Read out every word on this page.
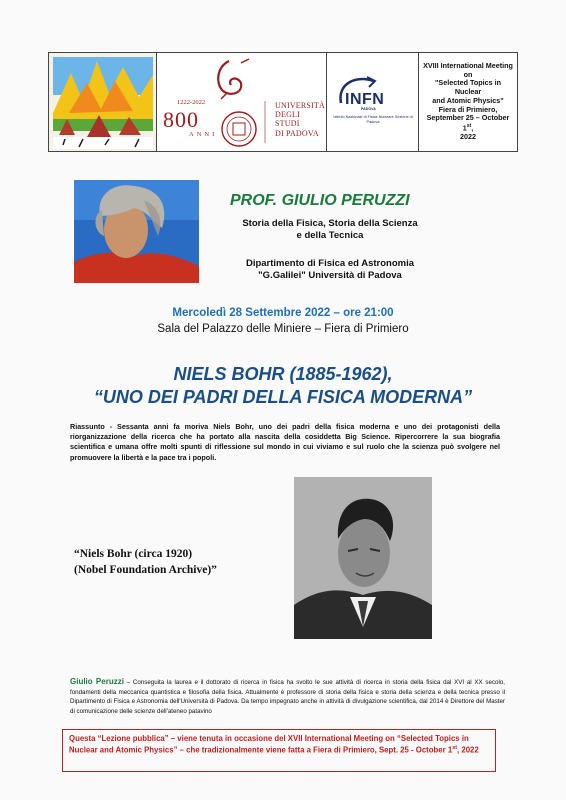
1222-2022
800
ANNI
UNIVERSITÀ
DEGLI STUDI
DI PADOVA
INFN
PADOVA
Istituto Nazionale di Fisica Nucleare Sezione di Padova
XVIII International Meeting on
"Selected Topics in Nuclear
and Atomic Physics"
Fiera di Primiero,
September 25 – October 1st,
2022
PROF. GIULIO PERUZZI
Storia della Fisica, Storia della Scienza
e della Tecnica
Dipartimento di Fisica ed Astronomia
"G.Galilei" Università di Padova
Mercoledì 28 Settembre 2022 – ore 21:00
Sala del Palazzo delle Miniere – Fiera di Primiero
NIELS BOHR (1885-1962),
“UNO DEI PADRI DELLA FISICA MODERNA”
Riassunto - Sessanta anni fa moriva Niels Bohr, uno dei padri della fisica moderna e uno dei protagonisti della riorganizzazione della ricerca che ha portato alla nascita della cosiddetta Big Science. Ripercorrere la sua biografia scientifica e umana offre molti spunti di riflessione sul mondo in cui viviamo e sul ruolo che la scienza può svolgere nel promuovere la libertà e la pace tra i popoli.
“Niels Bohr (circa 1920)
(Nobel Foundation Archive)”
Giulio Peruzzi – Conseguita la laurea e il dottorato di ricerca in fisica ha svolto le sue attività di ricerca in storia della fisica dal XVI al XX secolo, fondamenti della meccanica quantistica e filosofia della fisica. Attualmente è professore di storia della fisica e storia della scienza e della tecnica presso il Dipartimento di Fisica e Astronomia dell'Università di Padova. Da tempo impegnato anche in attività di divulgazione scientifica, dal 2014 è Direttore del Master di comunicazione delle scienze dell'ateneo patavino
Questa “Lezione pubblica” – viene tenuta in occasione del XVII International Meeting on “Selected Topics in Nuclear and Atomic Physics” – che tradizionalmente viene fatta a Fiera di Primiero, Sept. 25 - October 1st, 2022
